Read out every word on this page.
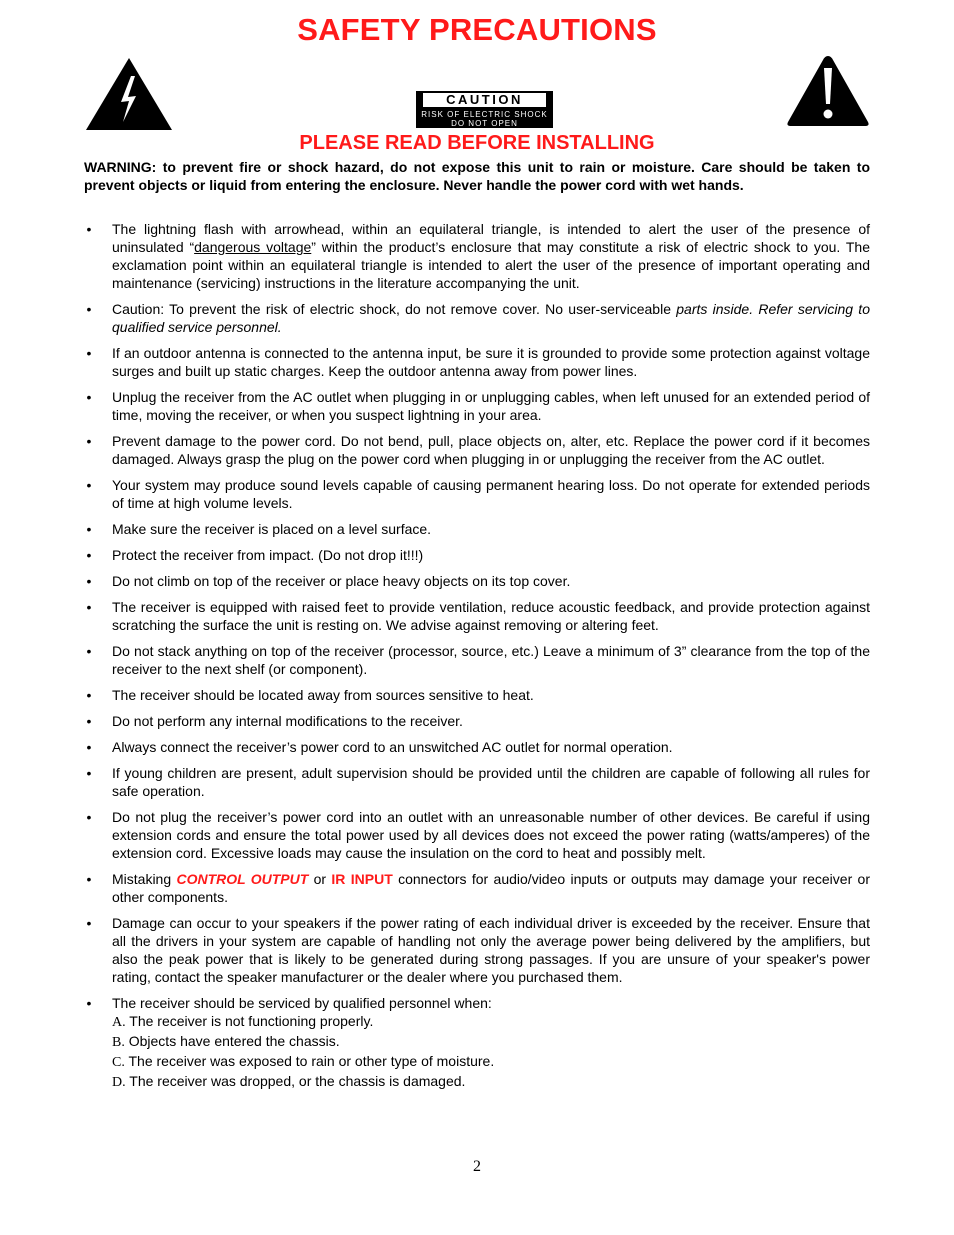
SAFETY PRECAUTIONS
CAUTION
RISK OF ELECTRIC SHOCK
DO NOT OPEN
PLEASE READ BEFORE INSTALLING
WARNING: to prevent fire or shock hazard, do not expose this unit to rain or moisture. Care should be taken to prevent objects or liquid from entering the enclosure. Never handle the power cord with wet hands.
• The lightning flash with arrowhead, within an equilateral triangle, is intended to alert the user of the presence of uninsulated “dangerous voltage” within the product’s enclosure that may constitute a risk of electric shock to you. The exclamation point within an equilateral triangle is intended to alert the user of the presence of important operating and maintenance (servicing) instructions in the literature accompanying the unit.
• Caution: To prevent the risk of electric shock, do not remove cover. No user-serviceable parts inside. Refer servicing to qualified service personnel.
• If an outdoor antenna is connected to the antenna input, be sure it is grounded to provide some protection against voltage surges and built up static charges. Keep the outdoor antenna away from power lines.
• Unplug the receiver from the AC outlet when plugging in or unplugging cables, when left unused for an extended period of time, moving the receiver, or when you suspect lightning in your area.
• Prevent damage to the power cord. Do not bend, pull, place objects on, alter, etc. Replace the power cord if it becomes damaged. Always grasp the plug on the power cord when plugging in or unplugging the receiver from the AC outlet.
• Your system may produce sound levels capable of causing permanent hearing loss. Do not operate for extended periods of time at high volume levels.
• Make sure the receiver is placed on a level surface.
• Protect the receiver from impact. (Do not drop it!!!)
• Do not climb on top of the receiver or place heavy objects on its top cover.
• The receiver is equipped with raised feet to provide ventilation, reduce acoustic feedback, and provide protection against scratching the surface the unit is resting on. We advise against removing or altering feet.
• Do not stack anything on top of the receiver (processor, source, etc.) Leave a minimum of 3” clearance from the top of the receiver to the next shelf (or component).
• The receiver should be located away from sources sensitive to heat.
• Do not perform any internal modifications to the receiver.
• Always connect the receiver’s power cord to an unswitched AC outlet for normal operation.
• If young children are present, adult supervision should be provided until the children are capable of following all rules for safe operation.
• Do not plug the receiver’s power cord into an outlet with an unreasonable number of other devices. Be careful if using extension cords and ensure the total power used by all devices does not exceed the power rating (watts/amperes) of the extension cord. Excessive loads may cause the insulation on the cord to heat and possibly melt.
• Mistaking CONTROL OUTPUT or IR INPUT connectors for audio/video inputs or outputs may damage your receiver or other components.
• Damage can occur to your speakers if the power rating of each individual driver is exceeded by the receiver. Ensure that all the drivers in your system are capable of handling not only the average power being delivered by the amplifiers, but also the peak power that is likely to be generated during strong passages. If you are unsure of your speaker's power rating, contact the speaker manufacturer or the dealer where you purchased them.
• The receiver should be serviced by qualified personnel when:
A. The receiver is not functioning properly.
B. Objects have entered the chassis.
C. The receiver was exposed to rain or other type of moisture.
D. The receiver was dropped, or the chassis is damaged.
2
